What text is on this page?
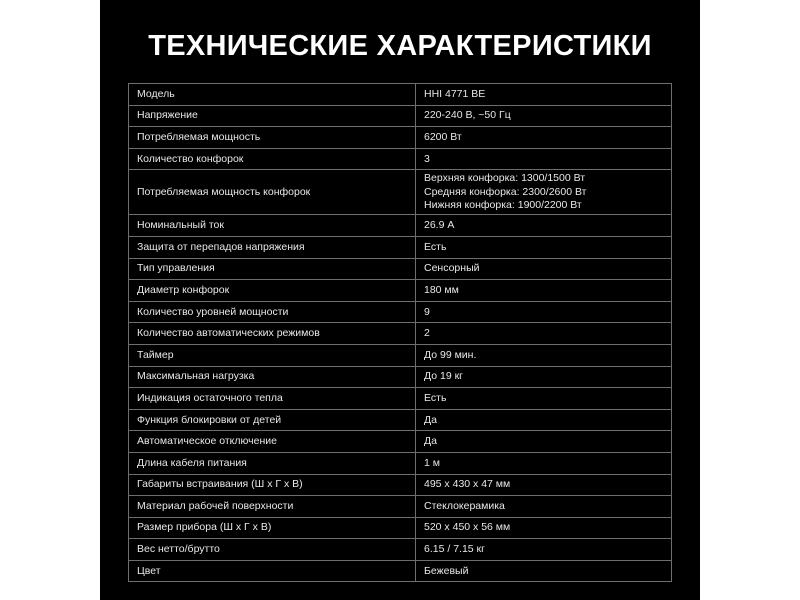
ТЕХНИЧЕСКИЕ ХАРАКТЕРИСТИКИ
Модель	HHI 4771 BE
Напряжение	220-240 В, ~50 Гц
Потребляемая мощность	6200 Вт
Количество конфорок	3
Потребляемая мощность конфорок	Верхняя конфорка: 1300/1500 Вт
Средняя конфорка: 2300/2600 Вт
Нижняя конфорка: 1900/2200 Вт

Номинальный ток	26.9 А
Защита от перепадов напряжения	Есть
Тип управления	Сенсорный
Диаметр конфорок	180 мм
Количество уровней мощности	9
Количество автоматических режимов	2
Таймер	До 99 мин.
Максимальная нагрузка	До 19 кг
Индикация остаточного тепла	Есть
Функция блокировки от детей	Да
Автоматическое отключение	Да
Длина кабеля питания	1 м
Габариты встраивания (Ш х Г х В)	495 х 430 х 47 мм
Материал рабочей поверхности	Стеклокерамика
Размер прибора (Ш х Г х В)	520 х 450 х 56 мм
Вес нетто/брутто	6.15 / 7.15 кг
Цвет	Бежевый
